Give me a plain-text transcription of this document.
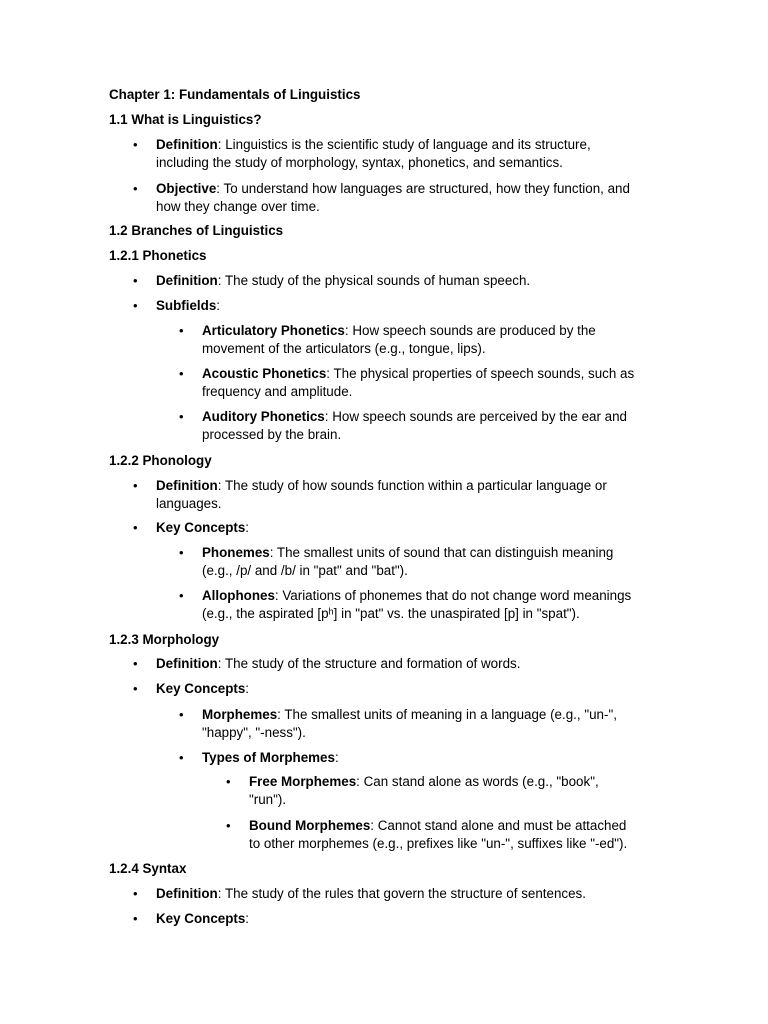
Chapter 1: Fundamentals of Linguistics

1.1 What is Linguistics?

• Definition: Linguistics is the scientific study of language and its structure,
including the study of morphology, syntax, phonetics, and semantics.
• Objective: To understand how languages are structured, how they function, and
how they change over time.

1.2 Branches of Linguistics

1.2.1 Phonetics

• Definition: The study of the physical sounds of human speech.
• Subfields:
• Articulatory Phonetics: How speech sounds are produced by the
movement of the articulators (e.g., tongue, lips).
• Acoustic Phonetics: The physical properties of speech sounds, such as
frequency and amplitude.
• Auditory Phonetics: How speech sounds are perceived by the ear and
processed by the brain.

1.2.2 Phonology

• Definition: The study of how sounds function within a particular language or
languages.
• Key Concepts:
• Phonemes: The smallest units of sound that can distinguish meaning
(e.g., /p/ and /b/ in "pat" and "bat").
• Allophones: Variations of phonemes that do not change word meanings
(e.g., the aspirated [pʰ] in "pat" vs. the unaspirated [p] in "spat").

1.2.3 Morphology

• Definition: The study of the structure and formation of words.
• Key Concepts:
• Morphemes: The smallest units of meaning in a language (e.g., "un-",
"happy", "-ness").
• Types of Morphemes:
• Free Morphemes: Can stand alone as words (e.g., "book",
"run").
• Bound Morphemes: Cannot stand alone and must be attached
to other morphemes (e.g., prefixes like "un-", suffixes like "-ed").

1.2.4 Syntax

• Definition: The study of the rules that govern the structure of sentences.
• Key Concepts:
